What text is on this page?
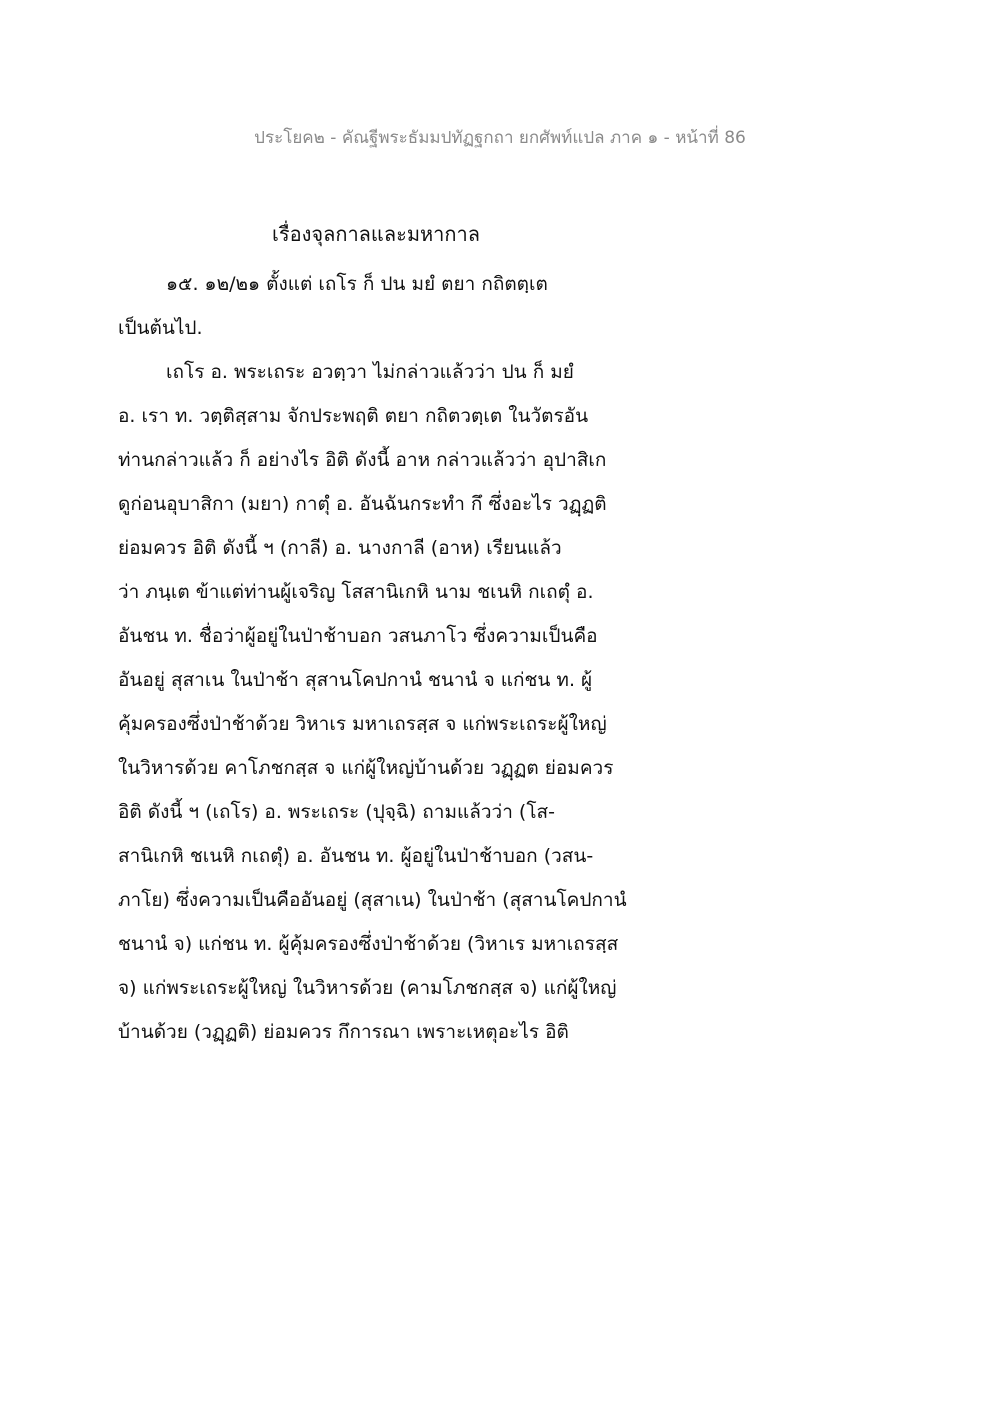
ประโยค๒ - คัณฐีพระธัมมปทัฏฐกถา ยกศัพท์แปล ภาค ๑ - หน้าที่ 86
เรื่องจุลกาลและมหากาล
๑๕. ๑๒/๒๑ ตั้งแต่ เถโร ก็ ปน มยํ ตยา กถิตตฺเต
เป็นต้นไป.
เถโร อ. พระเถระ อวตฺวา ไม่กล่าวแล้วว่า ปน ก็ มยํ
อ. เรา ท. วตฺติสฺสาม จักประพฤติ ตยา กถิตวตฺเต ในวัตรอัน
ท่านกล่าวแล้ว ก็ อย่างไร อิติ ดังนี้ อาห กล่าวแล้วว่า อุปาสิเก
ดูก่อนอุบาสิกา (มยา) กาตุํ อ. อันฉันกระทำ กึ ซึ่งอะไร วฏฺฏติ
ย่อมควร อิติ ดังนี้ ฯ (กาลี) อ. นางกาลี (อาห) เรียนแล้ว
ว่า ภนฺเต ข้าแต่ท่านผู้เจริญ โสสานิเกหิ นาม ชเนหิ กเถตุํ อ.
อันชน ท. ชื่อว่าผู้อยู่ในป่าช้าบอก วสนภาโว ซึ่งความเป็นคือ
อันอยู่ สุสาเน ในป่าช้า สุสานโคปกานํ ชนานํ จ แก่ชน ท. ผู้
คุ้มครองซึ่งป่าช้าด้วย วิหาเร มหาเถรสฺส จ แก่พระเถระผู้ใหญ่
ในวิหารด้วย คาโภชกสฺส จ แก่ผู้ใหญ่บ้านด้วย วฏฺฏต ย่อมควร
อิติ ดังนี้ ฯ (เถโร) อ. พระเถระ (ปุจฺฉิ) ถามแล้วว่า (โส-
สานิเกหิ ชเนหิ กเถตุํ) อ. อันชน ท. ผู้อยู่ในป่าช้าบอก (วสน-
ภาโย) ซึ่งความเป็นคืออันอยู่ (สุสาเน) ในป่าช้า (สุสานโคปกานํ
ชนานํ จ) แก่ชน ท. ผู้คุ้มครองซึ่งป่าช้าด้วย (วิหาเร มหาเถรสฺส
จ) แก่พระเถระผู้ใหญ่ ในวิหารด้วย (คามโภชกสฺส จ) แก่ผู้ใหญ่
บ้านด้วย (วฏฺฏติ) ย่อมควร กึการณา เพราะเหตุอะไร อิติ
